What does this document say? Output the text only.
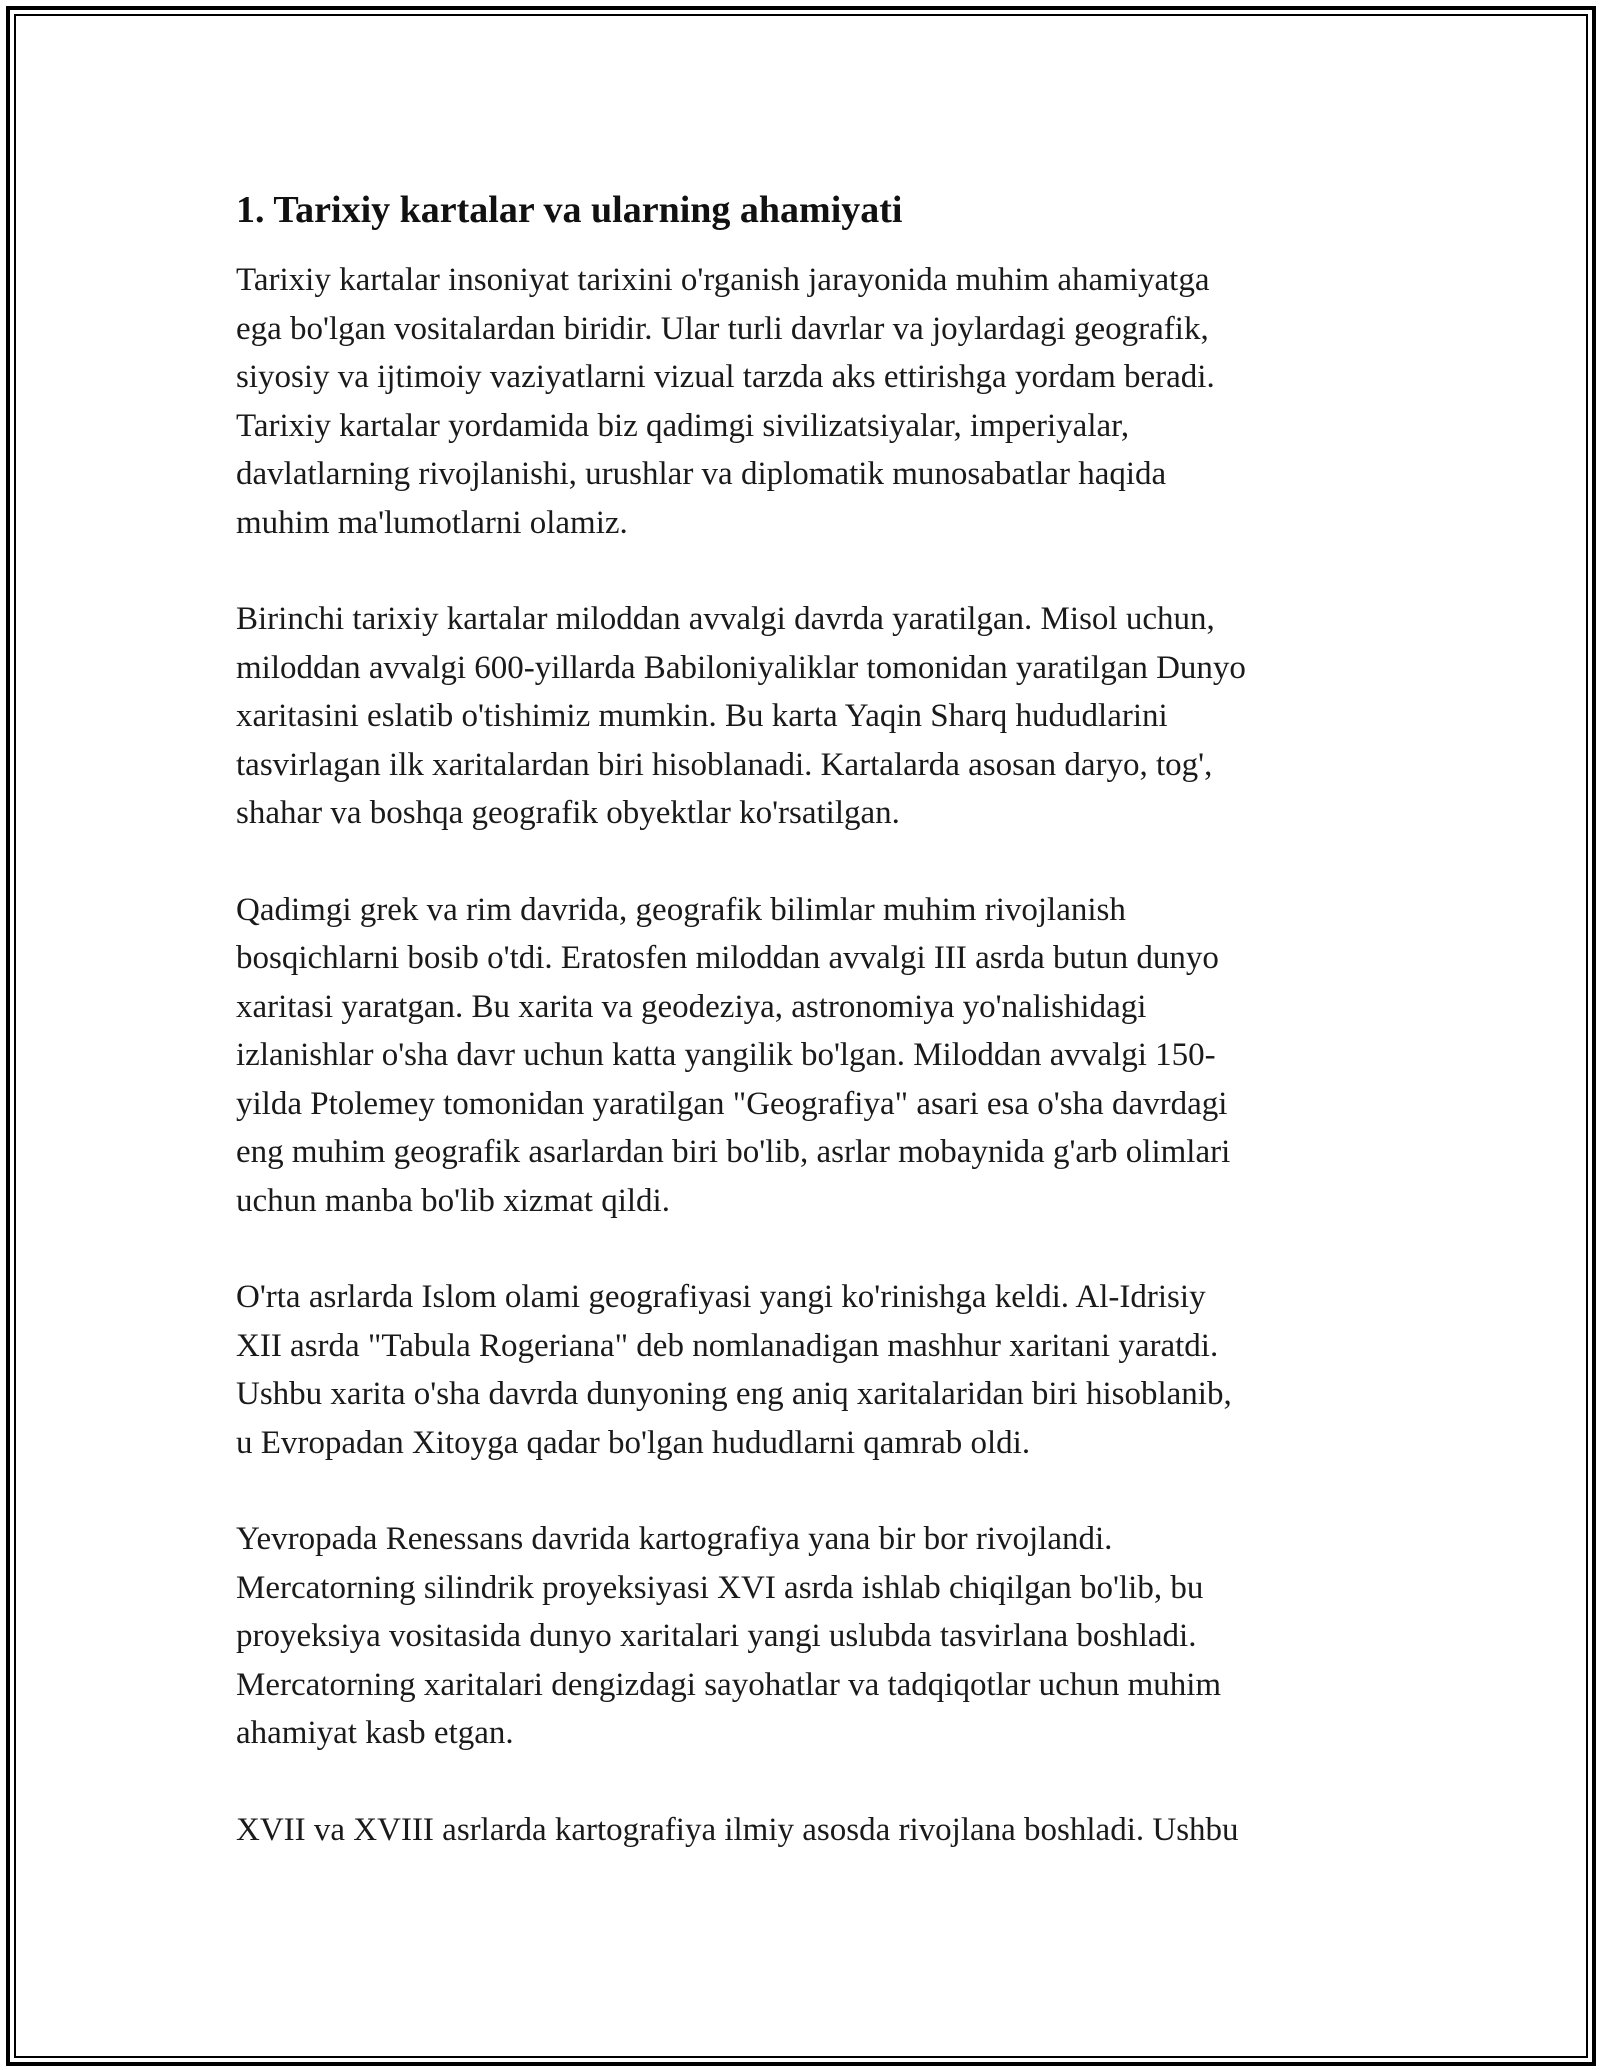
1. Tarixiy kartalar va ularning ahamiyati

Tarixiy kartalar insoniyat tarixini o'rganish jarayonida muhim ahamiyatga
ega bo'lgan vositalardan biridir. Ular turli davrlar va joylardagi geografik,
siyosiy va ijtimoiy vaziyatlarni vizual tarzda aks ettirishga yordam beradi.
Tarixiy kartalar yordamida biz qadimgi sivilizatsiyalar, imperiyalar,
davlatlarning rivojlanishi, urushlar va diplomatik munosabatlar haqida
muhim ma'lumotlarni olamiz.

Birinchi tarixiy kartalar miloddan avvalgi davrda yaratilgan. Misol uchun,
miloddan avvalgi 600-yillarda Babiloniyaliklar tomonidan yaratilgan Dunyo
xaritasini eslatib o'tishimiz mumkin. Bu karta Yaqin Sharq hududlarini
tasvirlagan ilk xaritalardan biri hisoblanadi. Kartalarda asosan daryo, tog',
shahar va boshqa geografik obyektlar ko'rsatilgan.

Qadimgi grek va rim davrida, geografik bilimlar muhim rivojlanish
bosqichlarni bosib o'tdi. Eratosfen miloddan avvalgi III asrda butun dunyo
xaritasi yaratgan. Bu xarita va geodeziya, astronomiya yo'nalishidagi
izlanishlar o'sha davr uchun katta yangilik bo'lgan. Miloddan avvalgi 150-
yilda Ptolemey tomonidan yaratilgan "Geografiya" asari esa o'sha davrdagi
eng muhim geografik asarlardan biri bo'lib, asrlar mobaynida g'arb olimlari
uchun manba bo'lib xizmat qildi.

O'rta asrlarda Islom olami geografiyasi yangi ko'rinishga keldi. Al-Idrisiy
XII asrda "Tabula Rogeriana" deb nomlanadigan mashhur xaritani yaratdi.
Ushbu xarita o'sha davrda dunyoning eng aniq xaritalaridan biri hisoblanib,
u Evropadan Xitoyga qadar bo'lgan hududlarni qamrab oldi.

Yevropada Renessans davrida kartografiya yana bir bor rivojlandi.
Mercatorning silindrik proyeksiyasi XVI asrda ishlab chiqilgan bo'lib, bu
proyeksiya vositasida dunyo xaritalari yangi uslubda tasvirlana boshladi.
Mercatorning xaritalari dengizdagi sayohatlar va tadqiqotlar uchun muhim
ahamiyat kasb etgan.

XVII va XVIII asrlarda kartografiya ilmiy asosda rivojlana boshladi. Ushbu
